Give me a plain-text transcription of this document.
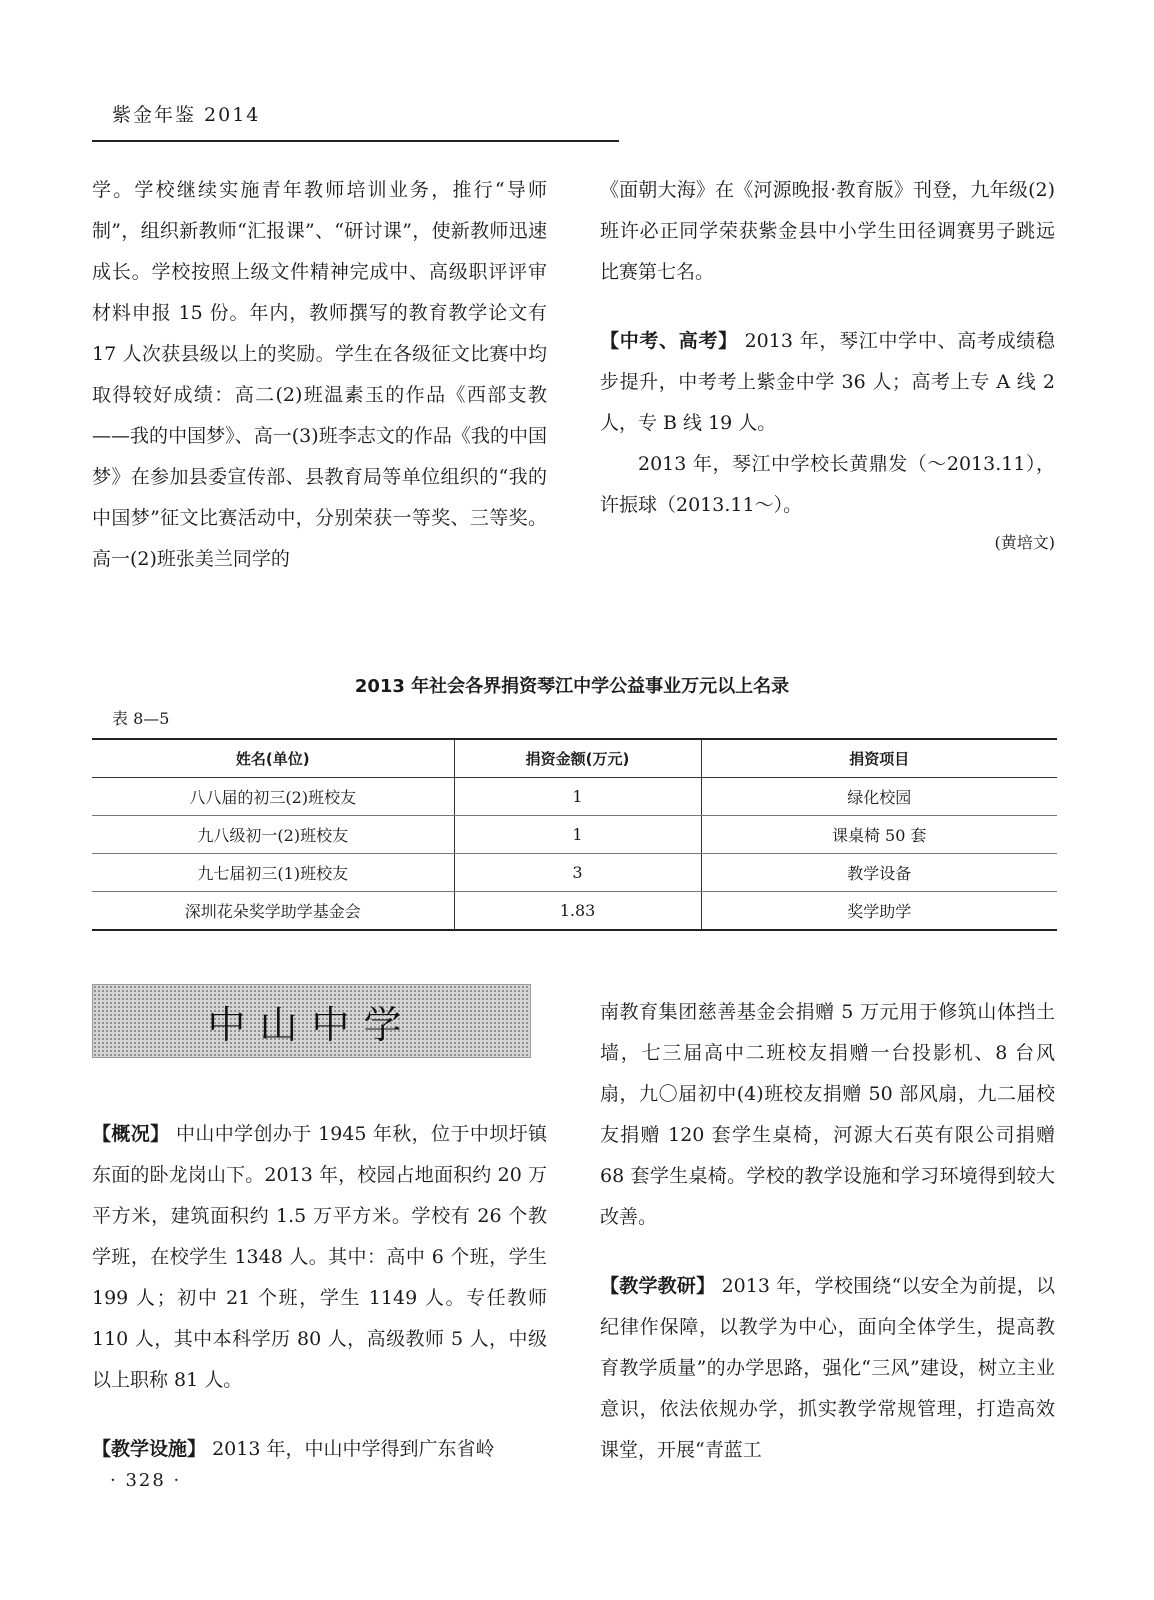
紫金年鉴 2014

学。学校继续实施青年教师培训业务，推行“导师制”，组织新教师“汇报课”、“研讨课”，使新教师迅速成长。学校按照上级文件精神完成中、高级职评评审材料申报 15 份。年内，教师撰写的教育教学论文有 17 人次获县级以上的奖励。学生在各级征文比赛中均取得较好成绩：高二(2)班温素玉的作品《西部支教——我的中国梦》、高一(3)班李志文的作品《我的中国梦》在参加县委宣传部、县教育局等单位组织的“我的中国梦”征文比赛活动中，分别荣获一等奖、三等奖。高一(2)班张美兰同学的

《面朝大海》在《河源晚报·教育版》刊登，九年级(2)班许必正同学荣获紫金县中小学生田径调赛男子跳远比赛第七名。

【中考、高考】 2013 年，琴江中学中、高考成绩稳步提升，中考考上紫金中学 36 人；高考上专 A 线 2 人，专 B 线 19 人。

2013 年，琴江中学校长黄鼎发（～2013.11），许振球（2013.11～）。

(黄培文)

2013 年社会各界捐资琴江中学公益事业万元以上名录
表 8—5
姓名(单位)	捐资金额(万元)	捐资项目
八八届的初三(2)班校友	1	绿化校园
九八级初一(2)班校友	1	课桌椅 50 套
九七届初三(1)班校友	3	教学设备
深圳花朵奖学助学基金会	1.83	奖学助学
中山中学

【概况】 中山中学创办于 1945 年秋，位于中坝圩镇东面的卧龙岗山下。2013 年，校园占地面积约 20 万平方米，建筑面积约 1.5 万平方米。学校有 26 个教学班，在校学生 1348 人。其中：高中 6 个班，学生 199 人；初中 21 个班，学生 1149 人。专任教师 110 人，其中本科学历 80 人，高级教师 5 人，中级以上职称 81 人。

【教学设施】 2013 年，中山中学得到广东省岭

南教育集团慈善基金会捐赠 5 万元用于修筑山体挡土墙，七三届高中二班校友捐赠一台投影机、8 台风扇，九〇届初中(4)班校友捐赠 50 部风扇，九二届校友捐赠 120 套学生桌椅，河源大石英有限公司捐赠 68 套学生桌椅。学校的教学设施和学习环境得到较大改善。

【教学教研】 2013 年，学校围绕“以安全为前提，以纪律作保障，以教学为中心，面向全体学生，提高教育教学质量”的办学思路，强化“三风”建设，树立主业意识，依法依规办学，抓实教学常规管理，打造高效课堂，开展“青蓝工

· 328 ·
